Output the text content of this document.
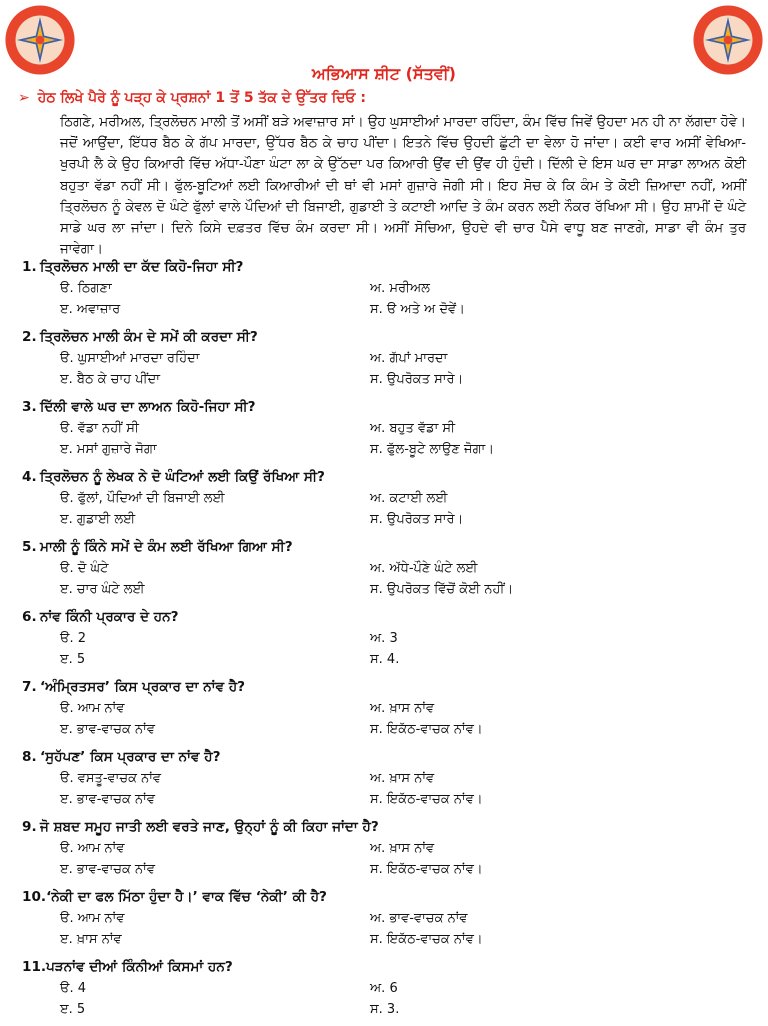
ਅਭਿਆਸ ਸ਼ੀਟ (ਸੱਤਵੀਂ)
➢ ਹੇਠ ਲਿਖੇ ਪੈਰੇ ਨੂੰ ਪੜ੍ਹ ਕੇ ਪ੍ਰਸ਼ਨਾਂ 1 ਤੋਂ 5 ਤੱਕ ਦੇ ਉੱਤਰ ਦਿਓ :
ਠਿਗਣੇ, ਮਰੀਅਲ, ਤ੍ਰਿਲੋਚਨ ਮਾਲੀ ਤੋਂ ਅਸੀਂ ਬੜੇ ਅਵਾਜ਼ਾਰ ਸਾਂ। ਉਹ ਘੁਸਾਈਆਂ ਮਾਰਦਾ ਰਹਿੰਦਾ, ਕੰਮ ਵਿੱਚ ਜਿਵੇਂ ਉਹਦਾ ਮਨ ਹੀ ਨਾ ਲੱਗਦਾ ਹੋਵੇ। ਜਦੋਂ ਆਉਂਦਾ, ਇੱਧਰ ਬੈਠ ਕੇ ਗੱਪ ਮਾਰਦਾ, ਉੱਧਰ ਬੈਠ ਕੇ ਚਾਹ ਪੀਂਦਾ। ਇਤਨੇ ਵਿੱਚ ਉਹਦੀ ਛੁੱਟੀ ਦਾ ਵੇਲਾ ਹੋ ਜਾਂਦਾ। ਕਈ ਵਾਰ ਅਸੀਂ ਵੇਖਿਆ- ਖੁਰਪੀ ਲੈ ਕੇ ਉਹ ਕਿਆਰੀ ਵਿੱਚ ਅੱਧਾ-ਪੌਣਾ ਘੰਟਾ ਲਾ ਕੇ ਉੱਠਦਾ ਪਰ ਕਿਆਰੀ ਉਂਵ ਦੀ ਉਂਵ ਹੀ ਹੁੰਦੀ। ਦਿੱਲੀ ਦੇ ਇਸ ਘਰ ਦਾ ਸਾਡਾ ਲਾਅਨ ਕੋਈ ਬਹੁਤਾ ਵੱਡਾ ਨਹੀਂ ਸੀ। ਫੁੱਲ-ਬੂਟਿਆਂ ਲਈ ਕਿਆਰੀਆਂ ਦੀ ਥਾਂ ਵੀ ਮਸਾਂ ਗੁਜ਼ਾਰੇ ਜੋਗੀ ਸੀ। ਇਹ ਸੋਚ ਕੇ ਕਿ ਕੰਮ ਤੇ ਕੋਈ ਜ਼ਿਆਦਾ ਨਹੀਂ, ਅਸੀਂ ਤ੍ਰਿਲੋਚਨ ਨੂੰ ਕੇਵਲ ਦੋ ਘੰਟੇ ਫੁੱਲਾਂ ਵਾਲੇ ਪੌਦਿਆਂ ਦੀ ਬਿਜਾਈ, ਗੁਡਾਈ ਤੇ ਕਟਾਈ ਆਦਿ ਤੇ ਕੰਮ ਕਰਨ ਲਈ ਨੌਕਰ ਰੱਖਿਆ ਸੀ। ਉਹ ਸ਼ਾਮੀਂ ਦੋ ਘੰਟੇ ਸਾਡੇ ਘਰ ਲਾ ਜਾਂਦਾ। ਦਿਨੇ ਕਿਸੇ ਦਫ਼ਤਰ ਵਿੱਚ ਕੰਮ ਕਰਦਾ ਸੀ। ਅਸੀਂ ਸੋਚਿਆ, ਉਹਦੇ ਵੀ ਚਾਰ ਪੈਸੇ ਵਾਧੂ ਬਣ ਜਾਣਗੇ, ਸਾਡਾ ਵੀ ਕੰਮ ਤੁਰ ਜਾਵੇਗਾ।
1. ਤ੍ਰਿਲੋਚਨ ਮਾਲੀ ਦਾ ਕੱਦ ਕਿਹੋ-ਜਿਹਾ ਸੀ?
ੳ. ਠਿਗਣਾ	ਅ. ਮਰੀਅਲ
ੲ. ਅਵਾਜ਼ਾਰ	ਸ. ੳ ਅਤੇ ਅ ਦੋਵੇਂ।
2. ਤ੍ਰਿਲੋਚਨ ਮਾਲੀ ਕੰਮ ਦੇ ਸਮੇਂ ਕੀ ਕਰਦਾ ਸੀ?
ੳ. ਘੁਸਾਈਆਂ ਮਾਰਦਾ ਰਹਿੰਦਾ	ਅ. ਗੱਪਾਂ ਮਾਰਦਾ
ੲ. ਬੈਠ ਕੇ ਚਾਹ ਪੀਂਦਾ	ਸ. ਉਪਰੋਕਤ ਸਾਰੇ।
3. ਦਿੱਲੀ ਵਾਲੇ ਘਰ ਦਾ ਲਾਅਨ ਕਿਹੋ-ਜਿਹਾ ਸੀ?
ੳ. ਵੱਡਾ ਨਹੀਂ ਸੀ	ਅ. ਬਹੁਤ ਵੱਡਾ ਸੀ
ੲ. ਮਸਾਂ ਗੁਜ਼ਾਰੇ ਜੋਗਾ	ਸ. ਫੁੱਲ-ਬੂਟੇ ਲਾਉਣ ਜੋਗਾ।
4. ਤ੍ਰਿਲੋਚਨ ਨੂੰ ਲੇਖਕ ਨੇ ਦੋ ਘੰਟਿਆਂ ਲਈ ਕਿਉਂ ਰੱਖਿਆ ਸੀ?
ੳ. ਫੁੱਲਾਂ, ਪੌਦਿਆਂ ਦੀ ਬਿਜਾਈ ਲਈ	ਅ. ਕਟਾਈ ਲਈ
ੲ. ਗੁਡਾਈ ਲਈ	ਸ. ਉਪਰੋਕਤ ਸਾਰੇ।
5. ਮਾਲੀ ਨੂੰ ਕਿੰਨੇ ਸਮੇਂ ਦੇ ਕੰਮ ਲਈ ਰੱਖਿਆ ਗਿਆ ਸੀ?
ੳ. ਦੋ ਘੰਟੇ	ਅ. ਅੱਧੇ-ਪੌਣੇ ਘੰਟੇ ਲਈ
ੲ. ਚਾਰ ਘੰਟੇ ਲਈ	ਸ. ਉਪਰੋਕਤ ਵਿੱਚੋਂ ਕੋਈ ਨਹੀਂ।
6. ਨਾਂਵ ਕਿੰਨੀ ਪ੍ਰਕਾਰ ਦੇ ਹਨ?
ੳ. 2	ਅ. 3
ੲ. 5	ਸ. 4.
7. ‘ਅੰਮ੍ਰਿਤਸਰ’ ਕਿਸ ਪ੍ਰਕਾਰ ਦਾ ਨਾਂਵ ਹੈ?
ੳ. ਆਮ ਨਾਂਵ	ਅ. ਖ਼ਾਸ ਨਾਂਵ
ੲ. ਭਾਵ-ਵਾਚਕ ਨਾਂਵ	ਸ. ਇਕੱਠ-ਵਾਚਕ ਨਾਂਵ।
8. ‘ਸੁਹੱਪਣ’ ਕਿਸ ਪ੍ਰਕਾਰ ਦਾ ਨਾਂਵ ਹੈ?
ੳ. ਵਸਤੂ-ਵਾਚਕ ਨਾਂਵ	ਅ. ਖ਼ਾਸ ਨਾਂਵ
ੲ. ਭਾਵ-ਵਾਚਕ ਨਾਂਵ	ਸ. ਇਕੱਠ-ਵਾਚਕ ਨਾਂਵ।
9. ਜੋ ਸ਼ਬਦ ਸਮੂਹ ਜਾਤੀ ਲਈ ਵਰਤੇ ਜਾਣ, ਉਨ੍ਹਾਂ ਨੂੰ ਕੀ ਕਿਹਾ ਜਾਂਦਾ ਹੈ?
ੳ. ਆਮ ਨਾਂਵ	ਅ. ਖ਼ਾਸ ਨਾਂਵ
ੲ. ਭਾਵ-ਵਾਚਕ ਨਾਂਵ	ਸ. ਇਕੱਠ-ਵਾਚਕ ਨਾਂਵ।
10.‘ਨੇਕੀ ਦਾ ਫਲ ਮਿੱਠਾ ਹੁੰਦਾ ਹੈ।’ ਵਾਕ ਵਿੱਚ ‘ਨੇਕੀ’ ਕੀ ਹੈ?
ੳ. ਆਮ ਨਾਂਵ	ਅ. ਭਾਵ-ਵਾਚਕ ਨਾਂਵ
ੲ. ਖ਼ਾਸ ਨਾਂਵ	ਸ. ਇਕੱਠ-ਵਾਚਕ ਨਾਂਵ।
11.ਪੜਨਾਂਵ ਦੀਆਂ ਕਿੰਨੀਆਂ ਕਿਸਮਾਂ ਹਨ?
ੳ. 4	ਅ. 6
ੲ. 5	ਸ. 3.
